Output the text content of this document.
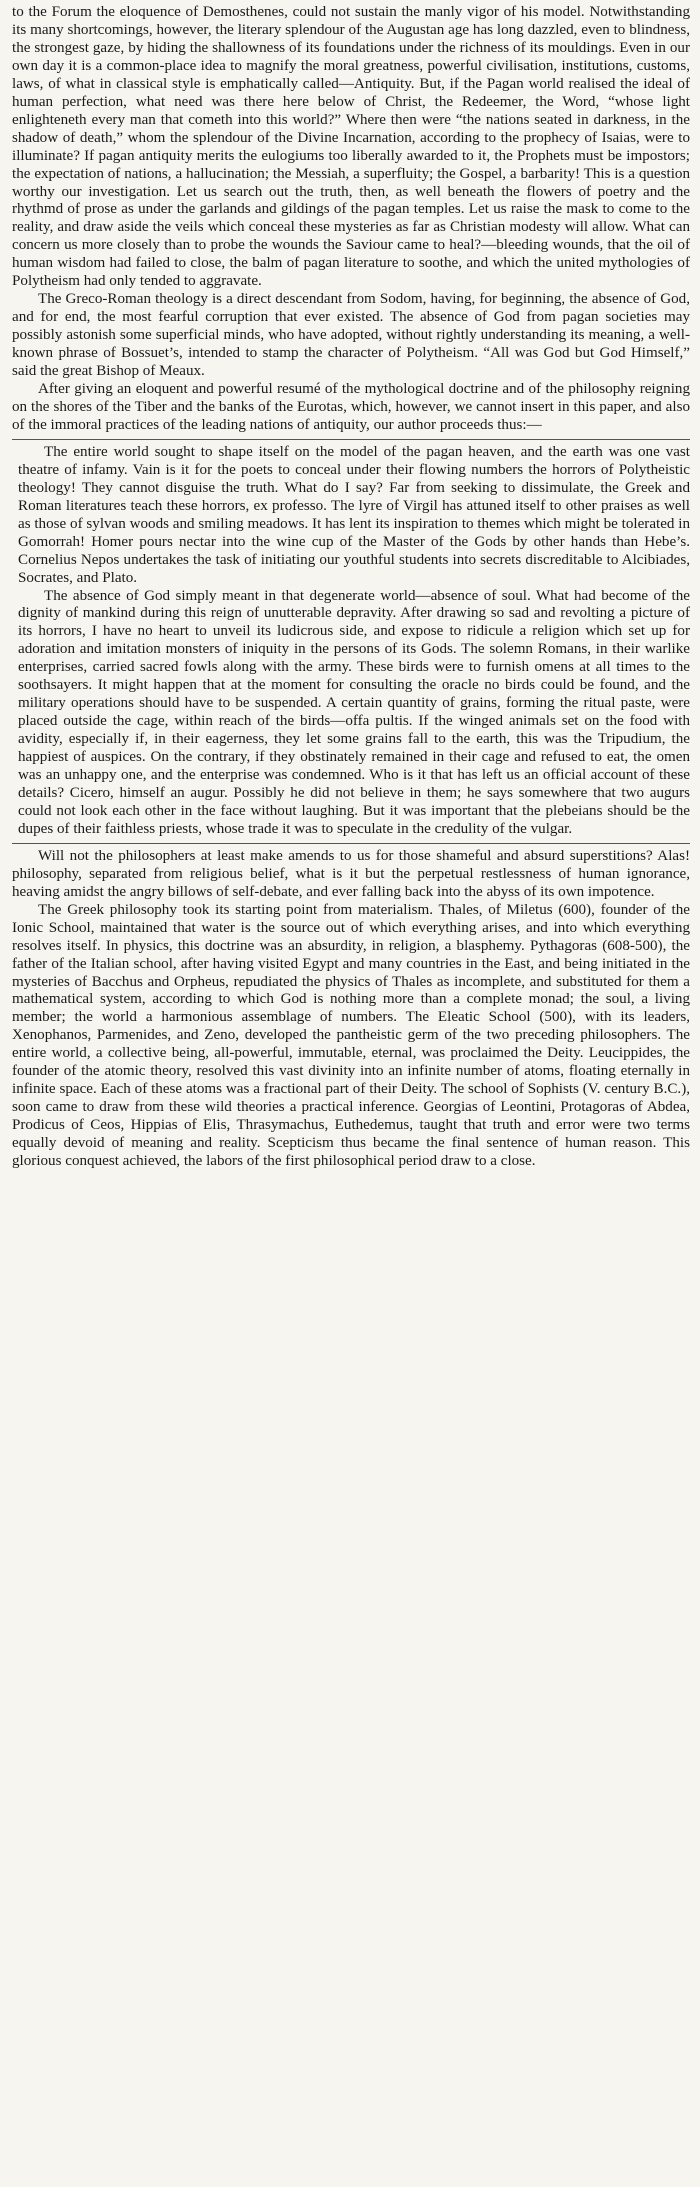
to the Forum the eloquence of Demosthenes, could not sustain the manly vigor of his model. Notwithstanding its many shortcomings, however, the literary splendour of the Augustan age has long dazzled, even to blindness, the strongest gaze, by hiding the shallowness of its foundations under the richness of its mouldings. Even in our own day it is a common-place idea to magnify the moral greatness, powerful civilisation, institutions, customs, laws, of what in classical style is emphatically called—Antiquity. But, if the Pagan world realised the ideal of human perfection, what need was there here below of Christ, the Redeemer, the Word, “whose light enlighteneth every man that cometh into this world?” Where then were “the nations seated in darkness, in the shadow of death,” whom the splendour of the Divine Incarnation, according to the prophecy of Isaias, were to illuminate? If pagan antiquity merits the eulogiums too liberally awarded to it, the Prophets must be impostors; the expectation of nations, a hallucination; the Messiah, a superfluity; the Gospel, a barbarity! This is a question worthy our investigation. Let us search out the truth, then, as well beneath the flowers of poetry and the rhythmd of prose as under the garlands and gildings of the pagan temples. Let us raise the mask to come to the reality, and draw aside the veils which conceal these mysteries as far as Christian modesty will allow. What can concern us more closely than to probe the wounds the Saviour came to heal?—bleeding wounds, that the oil of human wisdom had failed to close, the balm of pagan literature to soothe, and which the united mythologies of Polytheism had only tended to aggravate.

The Greco-Roman theology is a direct descendant from Sodom, having, for beginning, the absence of God, and for end, the most fearful corruption that ever existed. The absence of God from pagan societies may possibly astonish some superficial minds, who have adopted, without rightly understanding its meaning, a well-known phrase of Bossuet’s, intended to stamp the character of Polytheism. “All was God but God Himself,” said the great Bishop of Meaux.

After giving an eloquent and powerful resumé of the mythological doctrine and of the philosophy reigning on the shores of the Tiber and the banks of the Eurotas, which, however, we cannot insert in this paper, and also of the immoral practices of the leading nations of antiquity, our author proceeds thus:—

The entire world sought to shape itself on the model of the pagan heaven, and the earth was one vast theatre of infamy. Vain is it for the poets to conceal under their flowing numbers the horrors of Polytheistic theology! They cannot disguise the truth. What do I say? Far from seeking to dissimulate, the Greek and Roman literatures teach these horrors, ex professo. The lyre of Virgil has attuned itself to other praises as well as those of sylvan woods and smiling meadows. It has lent its inspiration to themes which might be tolerated in Gomorrah! Homer pours nectar into the wine cup of the Master of the Gods by other hands than Hebe’s. Cornelius Nepos undertakes the task of initiating our youthful students into secrets discreditable to Alcibiades, Socrates, and Plato.

The absence of God simply meant in that degenerate world—absence of soul. What had become of the dignity of mankind during this reign of unutterable depravity. After drawing so sad and revolting a picture of its horrors, I have no heart to unveil its ludicrous side, and expose to ridicule a religion which set up for adoration and imitation monsters of iniquity in the persons of its Gods. The solemn Romans, in their warlike enterprises, carried sacred fowls along with the army. These birds were to furnish omens at all times to the soothsayers. It might happen that at the moment for consulting the oracle no birds could be found, and the military operations should have to be suspended. A certain quantity of grains, forming the ritual paste, were placed outside the cage, within reach of the birds—offa pultis. If the winged animals set on the food with avidity, especially if, in their eagerness, they let some grains fall to the earth, this was the Tripudium, the happiest of auspices. On the contrary, if they obstinately remained in their cage and refused to eat, the omen was an unhappy one, and the enterprise was condemned. Who is it that has left us an official account of these details? Cicero, himself an augur. Possibly he did not believe in them; he says somewhere that two augurs could not look each other in the face without laughing. But it was important that the plebeians should be the dupes of their faithless priests, whose trade it was to speculate in the credulity of the vulgar.

Will not the philosophers at least make amends to us for those shameful and absurd superstitions? Alas! philosophy, separated from religious belief, what is it but the perpetual restlessness of human ignorance, heaving amidst the angry billows of self-debate, and ever falling back into the abyss of its own impotence.

The Greek philosophy took its starting point from materialism. Thales, of Miletus (600), founder of the Ionic School, maintained that water is the source out of which everything arises, and into which everything resolves itself. In physics, this doctrine was an absurdity, in religion, a blasphemy. Pythagoras (608-500), the father of the Italian school, after having visited Egypt and many countries in the East, and being initiated in the mysteries of Bacchus and Orpheus, repudiated the physics of Thales as incomplete, and substituted for them a mathematical system, according to which God is nothing more than a complete monad; the soul, a living member; the world a harmonious assemblage of numbers. The Eleatic School (500), with its leaders, Xenophanos, Parmenides, and Zeno, developed the pantheistic germ of the two preceding philosophers. The entire world, a collective being, all-powerful, immutable, eternal, was proclaimed the Deity. Leucippides, the founder of the atomic theory, resolved this vast divinity into an infinite number of atoms, floating eternally in infinite space. Each of these atoms was a fractional part of their Deity. The school of Sophists (V. century B.C.), soon came to draw from these wild theories a practical inference. Georgias of Leontini, Protagoras of Abdea, Prodicus of Ceos, Hippias of Elis, Thrasymachus, Euthedemus, taught that truth and error were two terms equally devoid of meaning and reality. Scepticism thus became the final sentence of human reason. This glorious conquest achieved, the labors of the first philosophical period draw to a close.
